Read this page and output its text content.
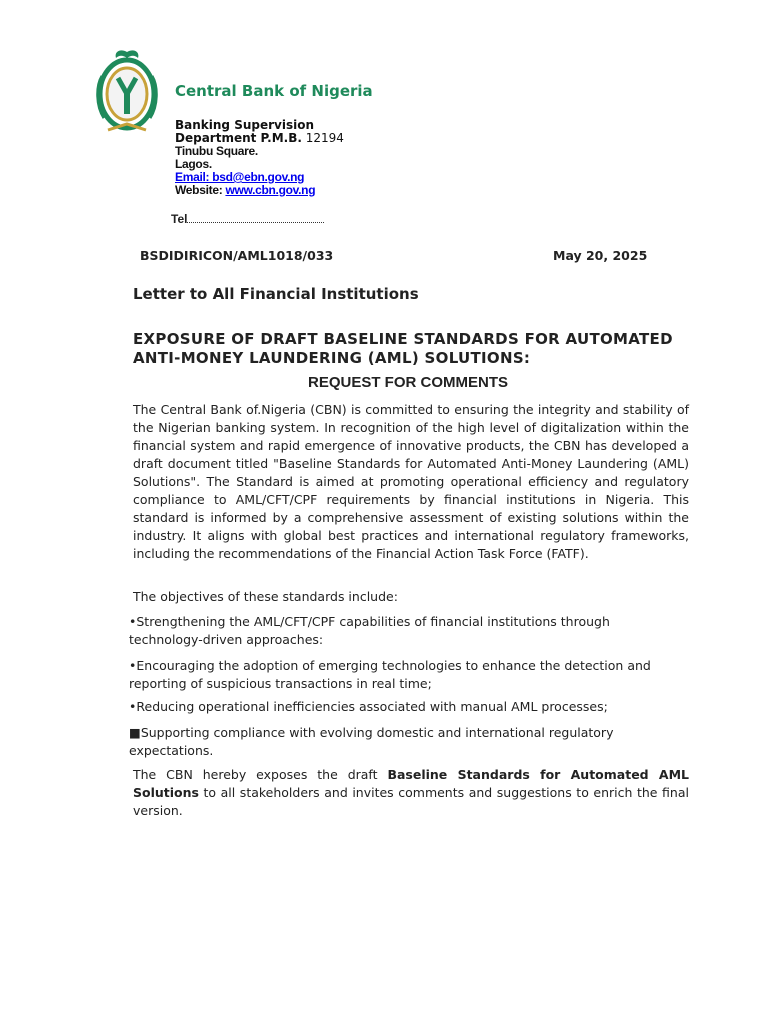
Central Bank of Nigeria
Banking Supervision
Department P.M.B. 12194
Tinubu Square.
Lagos.
Email: bsd@ebn.gov.ng
Website: www.cbn.gov.ng
Tel
BSDIDIRICON/AML1018/033	May 20, 2025
Letter to All Financial Institutions
EXPOSURE OF DRAFT BASELINE STANDARDS FOR AUTOMATED ANTI-MONEY LAUNDERING (AML) SOLUTIONS:
REQUEST FOR COMMENTS
The Central Bank of.Nigeria (CBN) is committed to ensuring the integrity and stability of the Nigerian banking system. In recognition of the high level of digitalization within the financial system and rapid emergence of innovative products, the CBN has developed a draft document titled "Baseline Standards for Automated Anti-Money Laundering (AML) Solutions". The Standard is aimed at promoting operational efficiency and regulatory compliance to AML/CFT/CPF requirements by financial institutions in Nigeria. This standard is informed by a comprehensive assessment of existing solutions within the industry. It aligns with global best practices and international regulatory frameworks, including the recommendations of the Financial Action Task Force (FATF).
The objectives of these standards include:
•Strengthening the AML/CFT/CPF capabilities of financial institutions through technology-driven approaches:
•Encouraging the adoption of emerging technologies to enhance the detection and reporting of suspicious transactions in real time;
•Reducing operational inefficiencies associated with manual AML processes;
■Supporting compliance with evolving domestic and international regulatory expectations.
The CBN hereby exposes the draft Baseline Standards for Automated AML Solutions to all stakeholders and invites comments and suggestions to enrich the final version.
